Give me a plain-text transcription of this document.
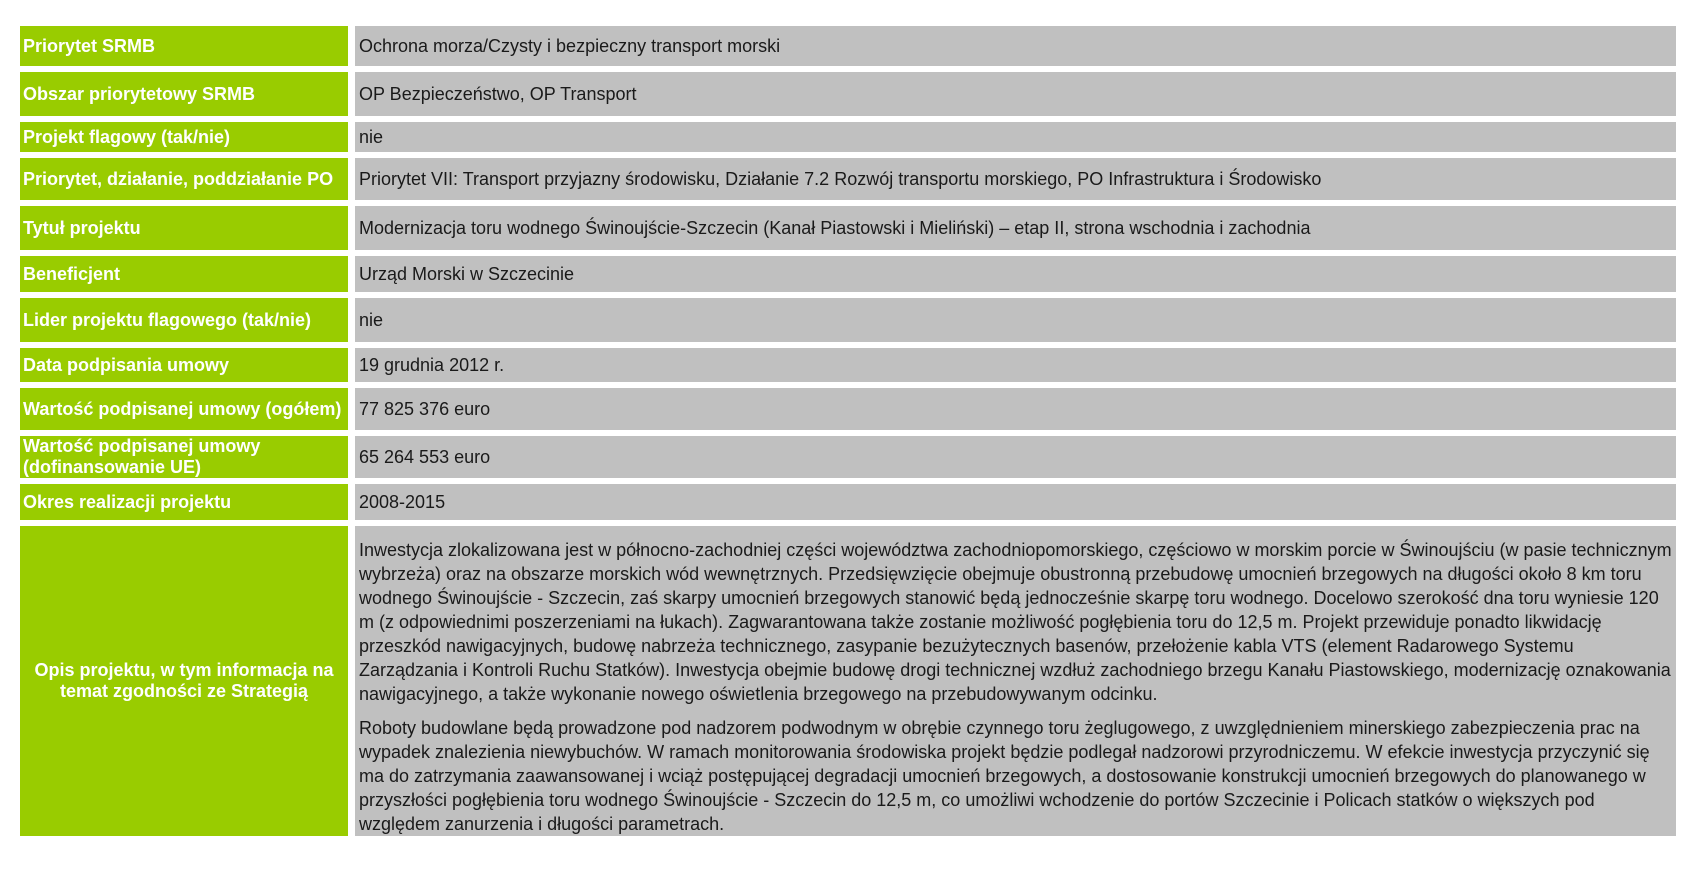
Priorytet SRMB	Ochrona morza/Czysty i bezpieczny transport morski
Obszar priorytetowy SRMB	OP Bezpieczeństwo, OP Transport
Projekt flagowy (tak/nie)	nie
Priorytet, działanie, poddziałanie PO	Priorytet VII: Transport przyjazny środowisku, Działanie 7.2 Rozwój transportu morskiego, PO Infrastruktura i Środowisko
Tytuł projektu	Modernizacja toru wodnego Świnoujście-Szczecin (Kanał Piastowski i Mieliński) – etap II, strona wschodnia i zachodnia
Beneficjent	Urząd Morski w Szczecinie
Lider projektu flagowego (tak/nie)	nie
Data podpisania umowy	19 grudnia 2012 r.
Wartość podpisanej umowy (ogółem) 77 825 376 euro
Wartość podpisanej umowy (dofinansowanie UE)	65 264 553 euro
Okres realizacji projektu	2008-2015
Opis projektu, w tym informacja na temat zgodności ze Strategią

Inwestycja zlokalizowana jest w północno-zachodniej części województwa zachodniopomorskiego, częściowo w morskim porcie w Świnoujściu (w pasie technicznym wybrzeża) oraz na obszarze morskich wód wewnętrznych. Przedsięwzięcie obejmuje obustronną przebudowę umocnień brzegowych na długości około 8 km toru wodnego Świnoujście - Szczecin, zaś skarpy umocnień brzegowych stanowić będą jednocześnie skarpę toru wodnego. Docelowo szerokość dna toru wyniesie 120 m (z odpowiednimi poszerzeniami na łukach). Zagwarantowana także zostanie możliwość pogłębienia toru do 12,5 m. Projekt przewiduje ponadto likwidację przeszkód nawigacyjnych, budowę nabrzeża technicznego, zasypanie bezużytecznych basenów, przełożenie kabla VTS (element Radarowego Systemu Zarządzania i Kontroli Ruchu Statków). Inwestycja obejmie budowę drogi technicznej wzdłuż zachodniego brzegu Kanału Piastowskiego, modernizację oznakowania nawigacyjnego, a także wykonanie nowego oświetlenia brzegowego na przebudowywanym odcinku.

Roboty budowlane będą prowadzone pod nadzorem podwodnym w obrębie czynnego toru żeglugowego, z uwzględnieniem minerskiego zabezpieczenia prac na wypadek znalezienia niewybuchów. W ramach monitorowania środowiska projekt będzie podlegał nadzorowi przyrodniczemu. W efekcie inwestycja przyczynić się ma do zatrzymania zaawansowanej i wciąż postępującej degradacji umocnień brzegowych, a dostosowanie konstrukcji umocnień brzegowych do planowanego w przyszłości pogłębienia toru wodnego Świnoujście - Szczecin do 12,5 m, co umożliwi wchodzenie do portów Szczecinie i Policach statków o większych pod względem zanurzenia i długości parametrach.
